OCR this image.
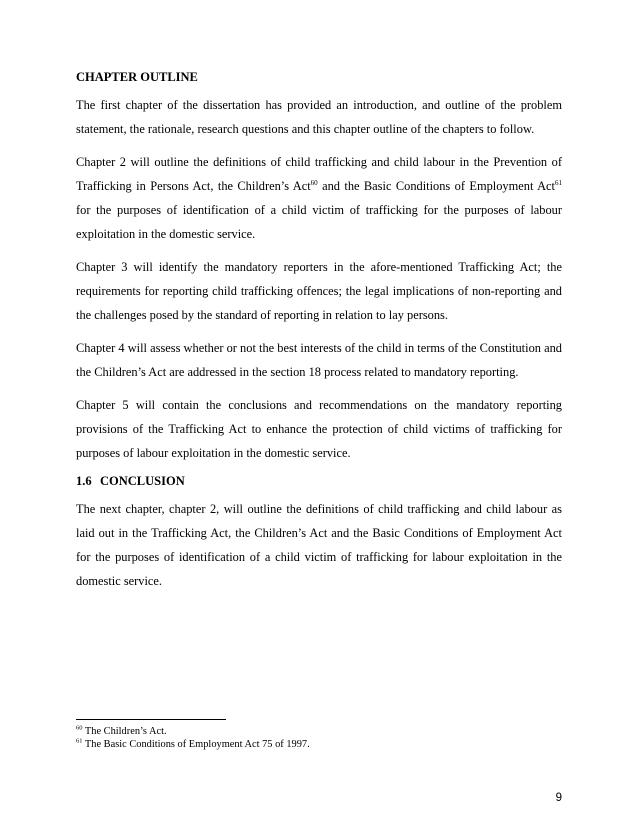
CHAPTER OUTLINE

The first chapter of the dissertation has provided an introduction, and outline of the problem statement, the rationale, research questions and this chapter outline of the chapters to follow.

Chapter 2 will outline the definitions of child trafficking and child labour in the Prevention of Trafficking in Persons Act, the Children’s Act$^{60}$ and the Basic Conditions of Employment Act$^{61}$ for the purposes of identification of a child victim of trafficking for the purposes of labour exploitation in the domestic service.

Chapter 3 will identify the mandatory reporters in the afore-mentioned Trafficking Act; the requirements for reporting child trafficking offences; the legal implications of non-reporting and the challenges posed by the standard of reporting in relation to lay persons.

Chapter 4 will assess whether or not the best interests of the child in terms of the Constitution and the Children’s Act are addressed in the section 18 process related to mandatory reporting.

Chapter 5 will contain the conclusions and recommendations on the mandatory reporting provisions of the Trafficking Act to enhance the protection of child victims of trafficking for purposes of labour exploitation in the domestic service.

1.6 CONCLUSION

The next chapter, chapter 2, will outline the definitions of child trafficking and child labour as laid out in the Trafficking Act, the Children’s Act and the Basic Conditions of Employment Act for the purposes of identification of a child victim of trafficking for labour exploitation in the domestic service.

$^{60}$ The Children’s Act.
$^{61}$ The Basic Conditions of Employment Act 75 of 1997.
9
